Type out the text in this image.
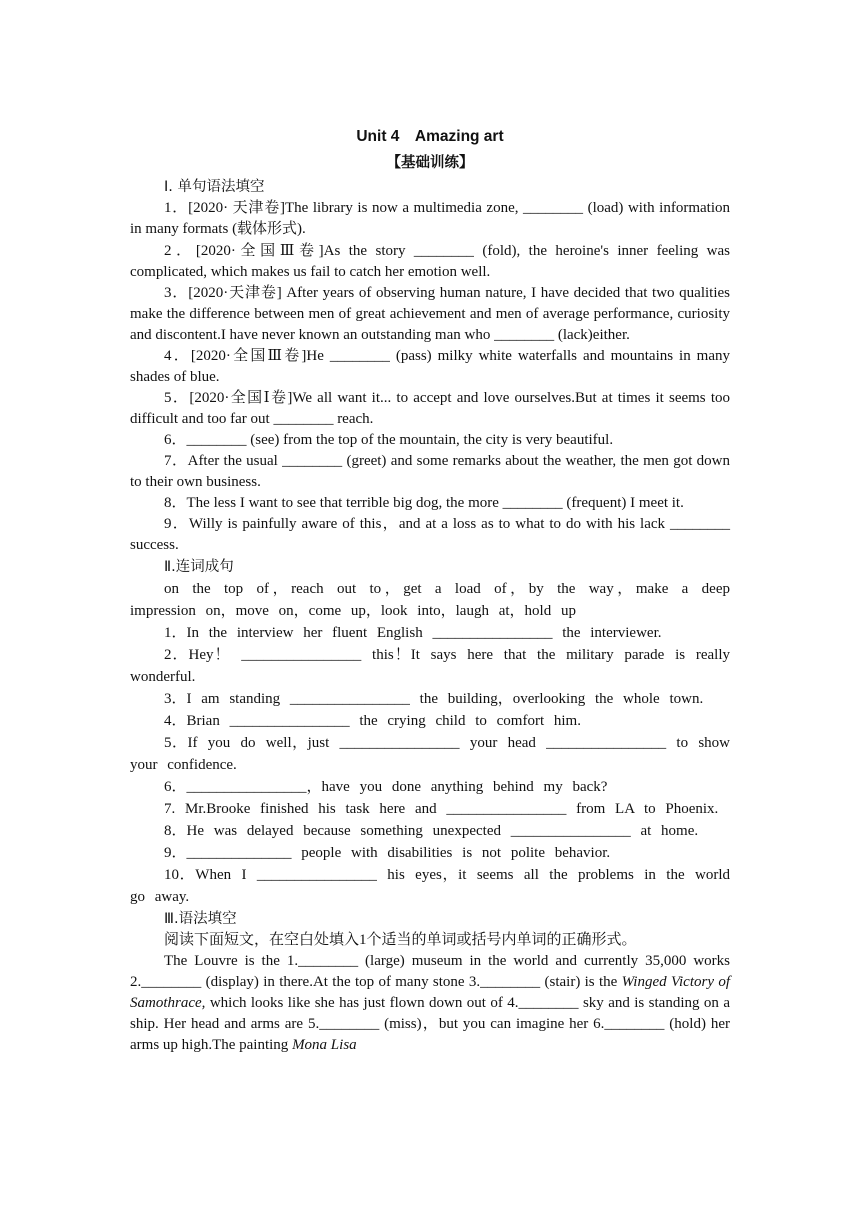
Unit 4　Amazing art
【基础训练】
Ⅰ. 单句语法填空

1．[2020· 天津卷]The library is now a multimedia zone, ________ (load) with information in many formats (载体形式).

2．[2020·全国Ⅲ卷]As the story ________ (fold), the heroine's inner feeling was complicated, which makes us fail to catch her emotion well.

3．[2020·天津卷] After years of observing human nature, I have decided that two qualities make the difference between men of great achievement and men of average performance, curiosity and discontent.I have never known an outstanding man who ________ (lack)either.

4．[2020·全国Ⅲ卷]He ________ (pass) milky white waterfalls and mountains in many shades of blue.

5．[2020·全国Ⅰ卷]We all want it... to accept and love ourselves.But at times it seems too difficult and too far out ________ reach.

6．________ (see) from the top of the mountain, the city is very beautiful.

7．After the usual ________ (greet) and some remarks about the weather, the men got down to their own business.

8．The less I want to see that terrible big dog, the more ________ (frequent) I meet it.

9．Willy is painfully aware of this，and at a loss as to what to do with his lack ________ success.

Ⅱ.连词成句

on the top of，reach out to，get a load of，by the way，make a deep impression on，move on，come up，look into，laugh at，hold up

1．In the interview her fluent English ________________ the interviewer.

2．Hey！ ________________ this！It says here that the military parade is really wonderful.

3．I am standing ________________ the building，overlooking the whole town.

4．Brian ________________ the crying child to comfort him.

5．If you do well，just ________________ your head ________________ to show your confidence.

6．________________，have you done anything behind my back?

7. Mr.Brooke finished his task here and ________________ from LA to Phoenix.

8．He was delayed because something unexpected ________________ at home.

9．______________ people with disabilities is not polite behavior.

10．When I ________________ his eyes，it seems all the problems in the world go away.

Ⅲ.语法填空

阅读下面短文，在空白处填入1个适当的单词或括号内单词的正确形式。

The Louvre is the 1.________ (large) museum in the world and currently 35,000 works 2.________ (display) in there.At the top of many stone 3.________ (stair) is the Winged Victory of Samothrace, which looks like she has just flown down out of 4.________ sky and is standing on a ship. Her head and arms are 5.________ (miss)，but you can imagine her 6.________ (hold) her arms up high.The painting Mona Lisa
